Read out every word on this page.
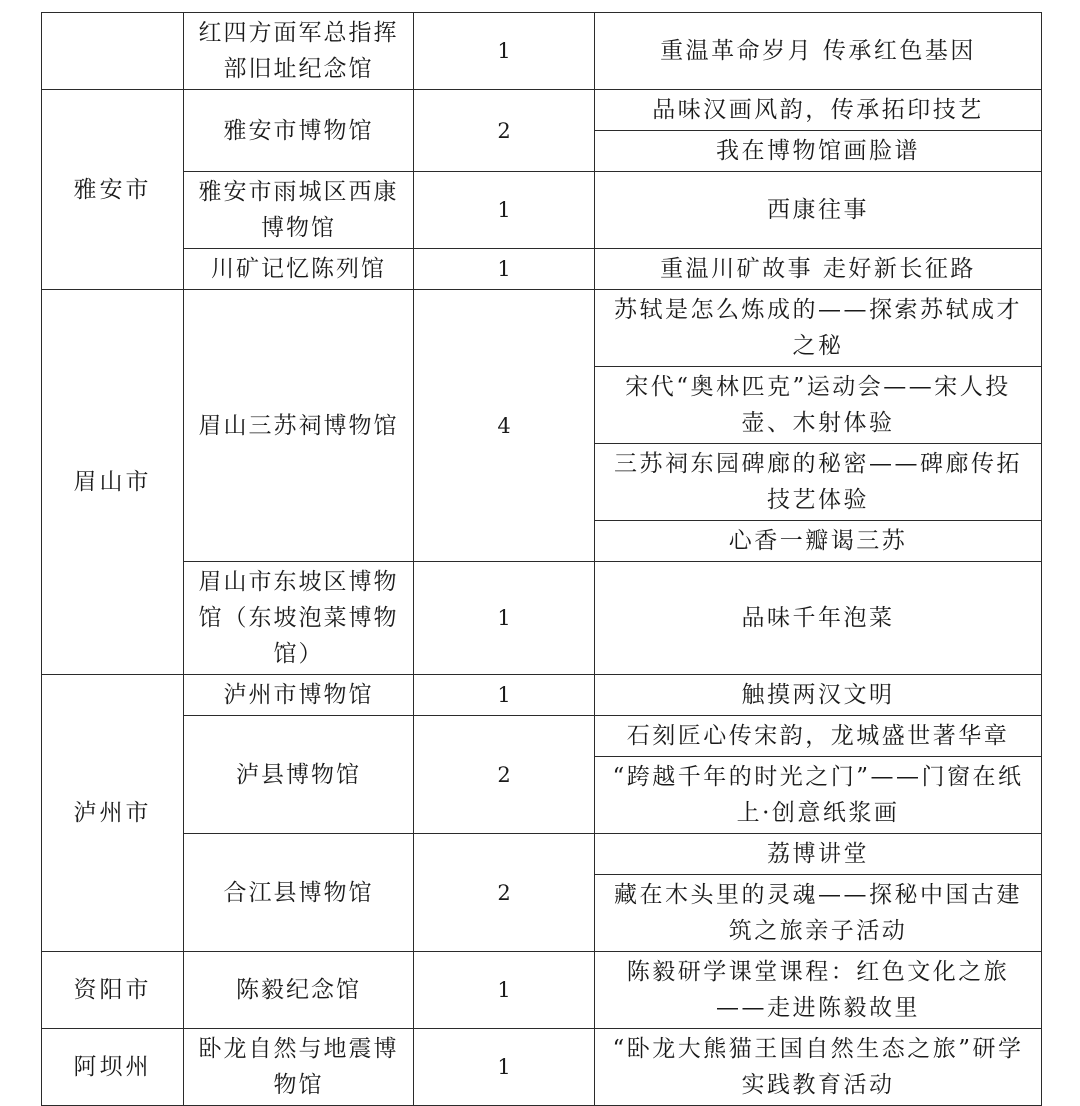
	红四方面军总指挥部旧址纪念馆	1	重温革命岁月 传承红色基因
雅安市	雅安市博物馆	2	品味汉画风韵，传承拓印技艺
			我在博物馆画脸谱
	雅安市雨城区西康博物馆	1	西康往事
	川矿记忆陈列馆	1	重温川矿故事 走好新长征路
眉山市	眉山三苏祠博物馆	4	苏轼是怎么炼成的——探索苏轼成才之秘
			宋代“奥林匹克”运动会——宋人投壶、木射体验
			三苏祠东园碑廊的秘密——碑廊传拓技艺体验
			心香一瓣谒三苏
	眉山市东坡区博物馆（东坡泡菜博物馆）	1	品味千年泡菜
泸州市	泸州市博物馆	1	触摸两汉文明
	泸县博物馆	2	石刻匠心传宋韵，龙城盛世著华章
			“跨越千年的时光之门”——门窗在纸上·创意纸浆画
	合江县博物馆	2	荔博讲堂
			藏在木头里的灵魂——探秘中国古建筑之旅亲子活动
资阳市	陈毅纪念馆	1	陈毅研学课堂课程：红色文化之旅——走进陈毅故里
阿坝州	卧龙自然与地震博物馆	1	“卧龙大熊猫王国自然生态之旅”研学实践教育活动
